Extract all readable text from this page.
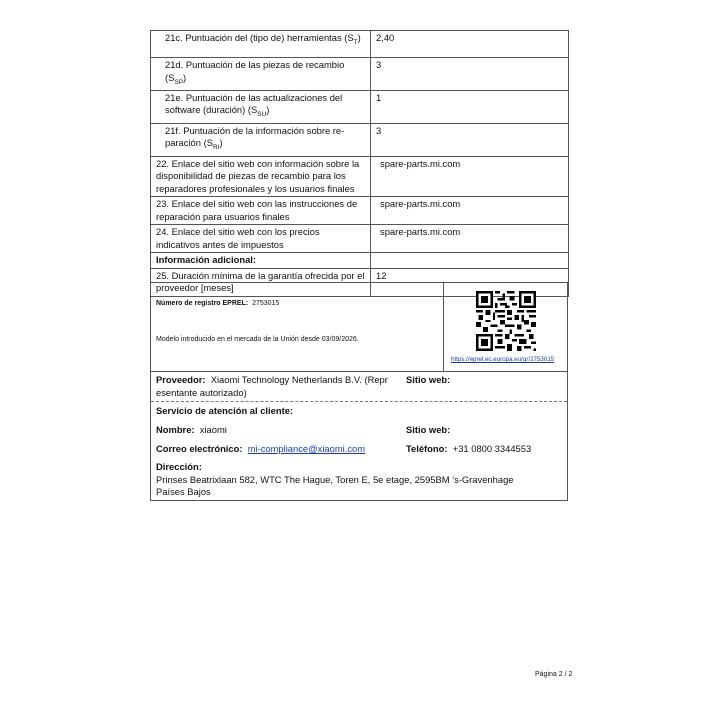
21c. Puntuación del (tipo de) herramientas $(S_T)$	2,40
21d. Puntuación de las piezas de recambio $(S_{SP})$	3
21e. Puntuación de las actualizaciones del software (duración) $(S_{SU})$	1
21f. Puntuación de la información sobre re-paración $(S_{RI})$	3
22. Enlace del sitio web con información sobre la disponibilidad de piezas de recambio para los reparadores profesionales y los usuarios finales	spare-parts.mi.com
23. Enlace del sitio web con las instrucciones de reparación para usuarios finales	spare-parts.mi.com
24. Enlace del sitio web con los precios indicativos antes de impuestos	spare-parts.mi.com
Información adicional:	
25. Duración mínima de la garantía ofrecida por el proveedor [meses]	12
Número de registro EPREL: 2753015
Modelo introducido en el mercado de la Unión desde 03/09/2026.
https://eprel.ec.europa.eu/qr/2753015
Proveedor: Xiaomi Technology Netherlands B.V. (Repr esentante autorizado)
Sitio web:
Servicio de atención al cliente:
Nombre: xiaomi	Sitio web:
Correo electrónico: mi-compliance@xiaomi.com	Teléfono: +31 0800 3344553
Dirección:
Prinses Beatrixlaan 582, WTC The Hague, Toren E, 5e etage, 2595BM ’s-Gravenhage
Países Bajos
Página 2 / 2
